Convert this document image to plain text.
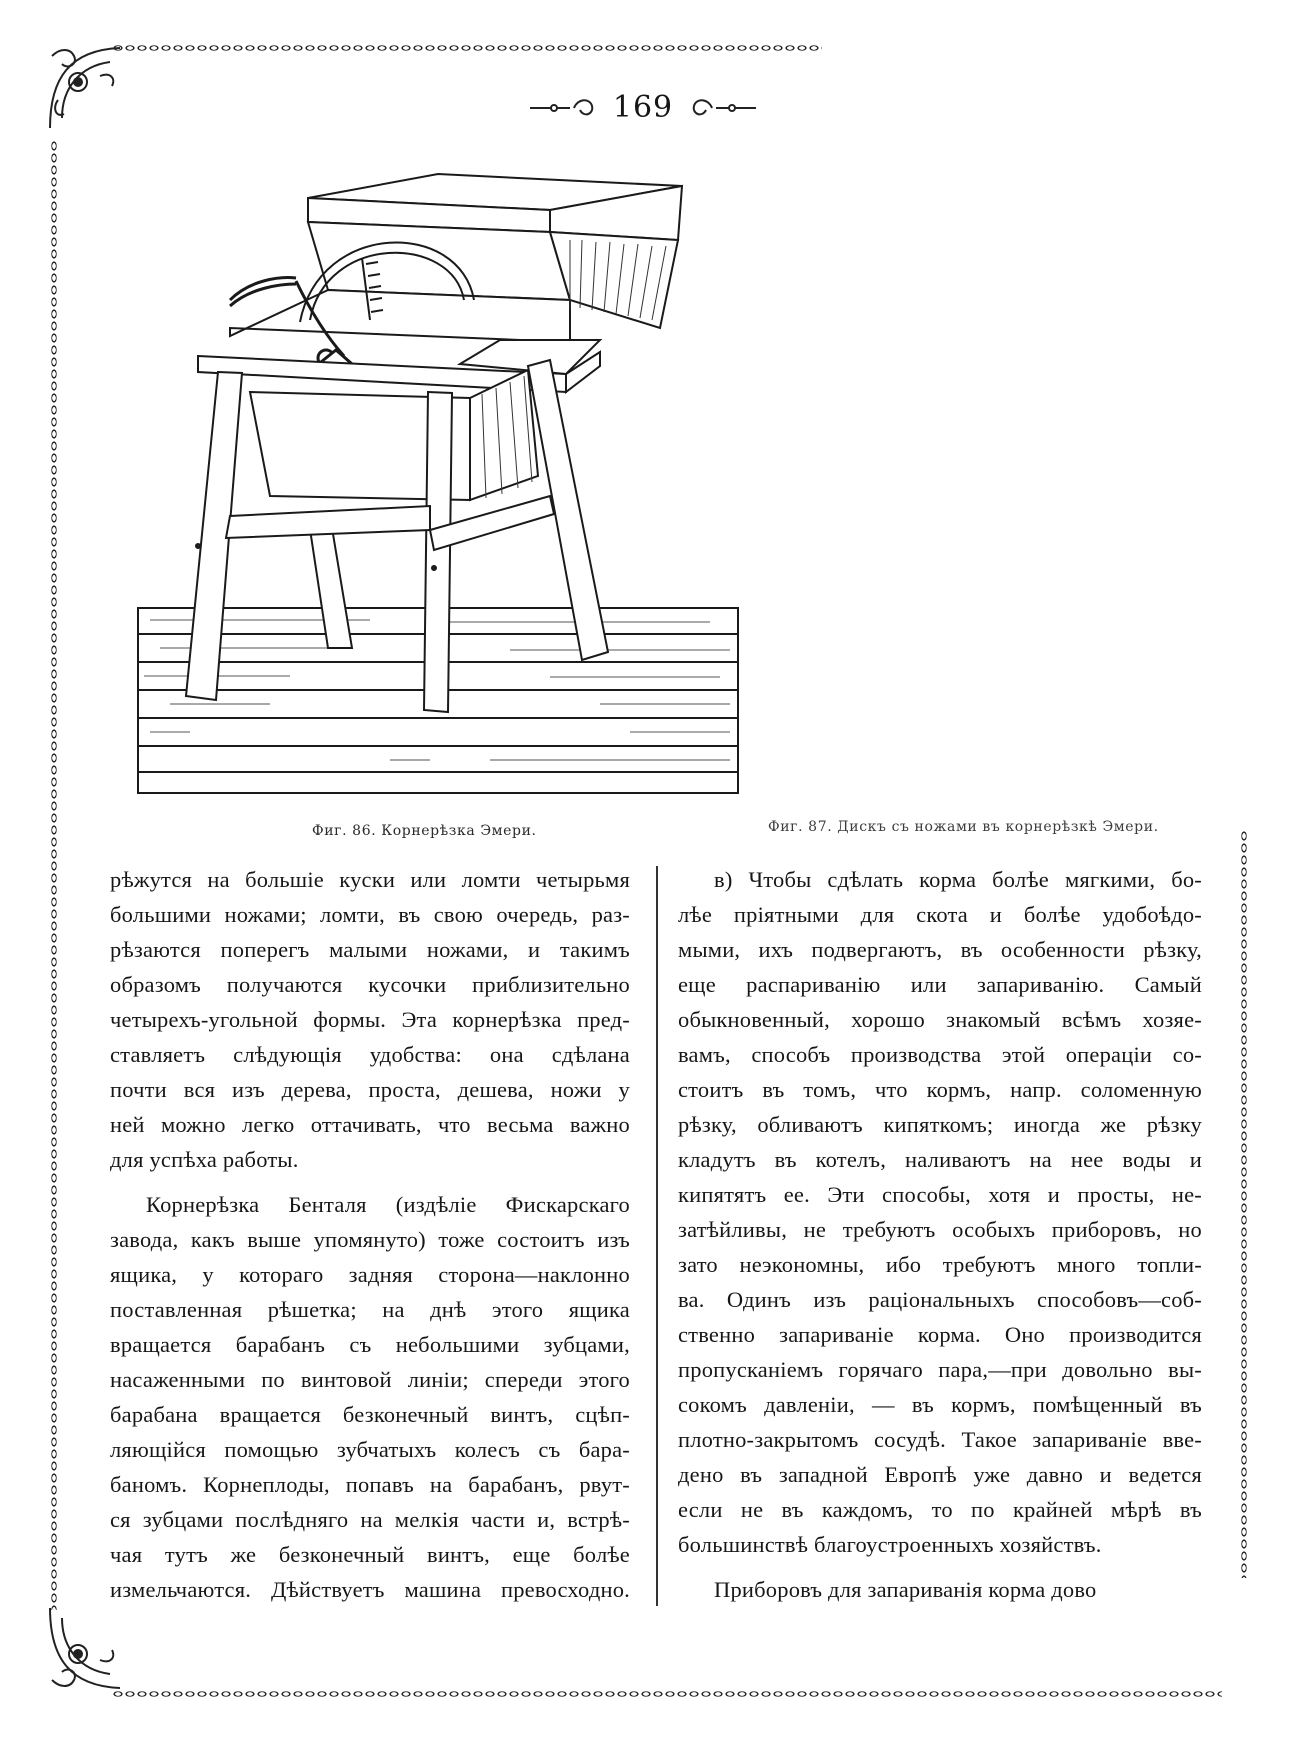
169
Фиг. 86. Корнерѣзка Эмери.	Фиг. 87. Дискъ съ ножами въ корнерѣзкѣ Эмери.
рѣжутся на большіе куски или ломти четырьмя
большими ножами; ломти, въ свою очередь, раз-
рѣзаются поперегъ малыми ножами, и такимъ
образомъ получаются кусочки приблизительно
четырехъ-угольной формы. Эта корнерѣзка пред-
ставляетъ слѣдующія удобства: она сдѣлана
почти вся изъ дерева, проста, дешева, ножи у
ней можно легко оттачивать, что весьма важно
для успѣха работы.
Корнерѣзка Бенталя (издѣліе Фискарскаго
завода, какъ выше упомянуто) тоже состоитъ изъ
ящика, у котораго задняя сторона—наклонно
поставленная рѣшетка; на днѣ этого ящика
вращается барабанъ съ небольшими зубцами,
насаженными по винтовой линіи; спереди этого
барабана вращается безконечный винтъ, сцѣп-
ляющійся помощью зубчатыхъ колесъ съ бара-
баномъ. Корнеплоды, попавъ на барабанъ, рвут-
ся зубцами послѣдняго на мелкія части и, встрѣ-
чая тутъ же безконечный винтъ, еще болѣе
измельчаются. Дѣйствуетъ машина превосходно.
в) Чтобы сдѣлать корма болѣе мягкими, бо-
лѣе пріятными для скота и болѣе удобоѣдо-
мыми, ихъ подвергаютъ, въ особенности рѣзку,
еще распариванію или запариванію. Самый
обыкновенный, хорошо знакомый всѣмъ хозяе-
вамъ, способъ производства этой операціи со-
стоитъ въ томъ, что кормъ, напр. соломенную
рѣзку, обливаютъ кипяткомъ; иногда же рѣзку
кладутъ въ котелъ, наливаютъ на нее воды и
кипятятъ ее. Эти способы, хотя и просты, не-
затѣйливы, не требуютъ особыхъ приборовъ, но
зато неэкономны, ибо требуютъ много топли-
ва. Одинъ изъ раціональныхъ способовъ—соб-
ственно запариваніе корма. Оно производится
пропусканіемъ горячаго пара,—при довольно вы-
сокомъ давленіи, — въ кормъ, помѣщенный въ
плотно-закрытомъ сосудѣ. Такое запариваніе вве-
дено въ западной Европѣ уже давно и ведется
если не въ каждомъ, то по крайней мѣрѣ въ
большинствѣ благоустроенныхъ хозяйствъ.
Приборовъ для запариванія корма дово
